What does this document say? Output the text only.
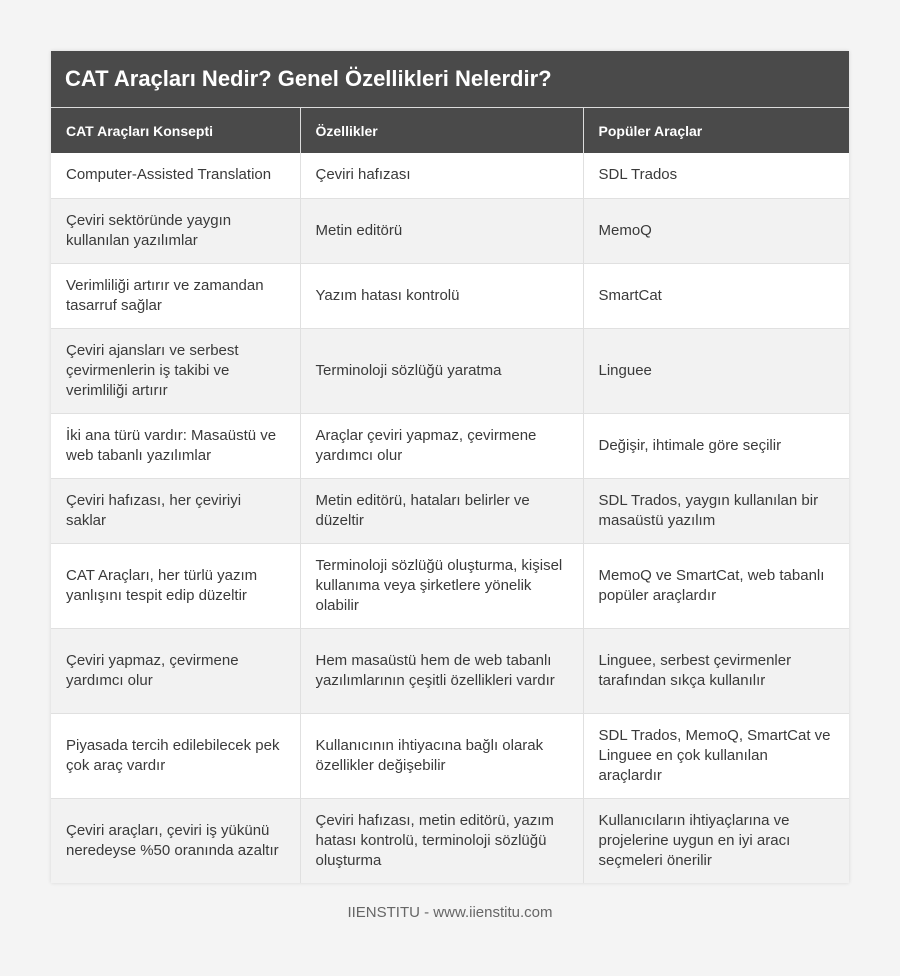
CAT Araçları Nedir? Genel Özellikleri Nelerdir?
CAT Araçları Konsepti	Özellikler	Popüler Araçlar
Computer-Assisted Translation	Çeviri hafızası	SDL Trados
Çeviri sektöründe yaygın kullanılan yazılımlar	Metin editörü	MemoQ
Verimliliği artırır ve zamandan tasarruf sağlar	Yazım hatası kontrolü	SmartCat
Çeviri ajansları ve serbest çevirmenlerin iş takibi ve verimliliği artırır	Terminoloji sözlüğü yaratma	Linguee
İki ana türü vardır: Masaüstü ve web tabanlı yazılımlar	Araçlar çeviri yapmaz, çevirmene yardımcı olur	Değişir, ihtimale göre seçilir
Çeviri hafızası, her çeviriyi saklar	Metin editörü, hataları belirler ve düzeltir	SDL Trados, yaygın kullanılan bir masaüstü yazılım
CAT Araçları, her türlü yazım yanlışını tespit edip düzeltir	Terminoloji sözlüğü oluşturma, kişisel kullanıma veya şirketlere yönelik olabilir	MemoQ ve SmartCat, web tabanlı popüler araçlardır
Çeviri yapmaz, çevirmene yardımcı olur	Hem masaüstü hem de web tabanlı yazılımlarının çeşitli özellikleri vardır	Linguee, serbest çevirmenler tarafından sıkça kullanılır
Piyasada tercih edilebilecek pek çok araç vardır	Kullanıcının ihtiyacına bağlı olarak özellikler değişebilir	SDL Trados, MemoQ, SmartCat ve Linguee en çok kullanılan araçlardır
Çeviri araçları, çeviri iş yükünü neredeyse %50 oranında azaltır	Çeviri hafızası, metin editörü, yazım hatası kontrolü, terminoloji sözlüğü oluşturma	Kullanıcıların ihtiyaçlarına ve projelerine uygun en iyi aracı seçmeleri önerilir
IIENSTITU - www.iienstitu.com
